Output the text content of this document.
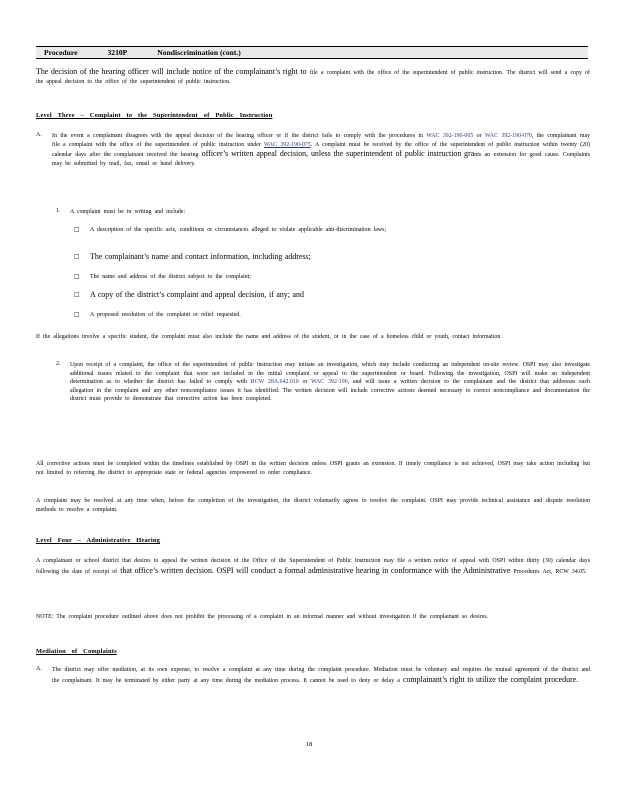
Procedure	3210P	Nondiscrimination (cont.)
The decision of the hearing officer will include notice of the complainant’s right to file a complaint with the office of the superintendent of public instruction. The district will send a copy of the appeal decision to the office of the superintendent of public instruction.
Level Three – Complaint to the Superintendent of Public Instruction
A. In the event a complainant disagrees with the appeal decision of the hearing officer or if the district fails to comply with the procedures in WAC 392-190-065 or WAC 392-190-070, the complainant may file a complaint with the office of the superintendent of public instruction under WAC 392-190-075. A complaint must be received by the office of the superintendent of public instruction within twenty (20) calendar days after the complainant received the hearing officer’s written appeal decision, unless the superintendent of public instruction grants an extension for good cause. Complaints may be submitted by mail, fax, email or hand delivery.
1. A complaint must be in writing and include:
□ A description of the specific acts, conditions or circumstances alleged to violate applicable anti-discrimination laws;
□ The complainant’s name and contact information, including address;
□ The name and address of the district subject to the complaint;
□ A copy of the district’s complaint and appeal decision, if any; and
□ A proposed resolution of the complaint or relief requested.
If the allegations involve a specific student, the complaint must also include the name and address of the student, or in the case of a homeless child or youth, contact information.
2. Upon receipt of a complaint, the office of the superintendent of public instruction may initiate an investigation, which may include conducting an independent on-site review. OSPI may also investigate additional issues related to the complaint that were not included in the initial complaint or appeal to the superintendent or board. Following the investigation, OSPI will make an independent determination as to whether the district has failed to comply with RCW 28A.642.010 or WAC 392-190, and will issue a written decision to the complainant and the district that addresses each allegation in the complaint and any other noncompliance issues it has identified. The written decision will include corrective actions deemed necessary to correct noncompliance and documentation the district must provide to demonstrate that corrective action has been completed.
All corrective actions must be completed within the timelines established by OSPI in the written decision unless OSPI grants an extension. If timely compliance is not achieved, OSPI may take action including but not limited to referring the district to appropriate state or federal agencies empowered to order compliance.
A complaint may be resolved at any time when, before the completion of the investigation, the district voluntarily agrees to resolve the complaint. OSPI may provide technical assistance and dispute resolution methods to resolve a complaint.
Level Four – Administrative Hearing
A complainant or school district that desires to appeal the written decision of the Office of the Superintendent of Public Instruction may file a written notice of appeal with OSPI within thirty (30) calendar days following the date of receipt of that office’s written decision. OSPI will conduct a formal administrative hearing in conformance with the Administrative Procedures Act, RCW 34.05.
NOTE: The complaint procedure outlined above does not prohibit the processing of a complaint in an informal manner and without investigation if the complainant so desires.
Mediation of Complaints
A. The district may offer mediation, at its own expense, to resolve a complaint at any time during the complaint procedure. Mediation must be voluntary and requires the mutual agreement of the district and the complainant. It may be terminated by either party at any time during the mediation process. It cannot be used to deny or delay a complainant’s right to utilize the complaint procedure.
18
